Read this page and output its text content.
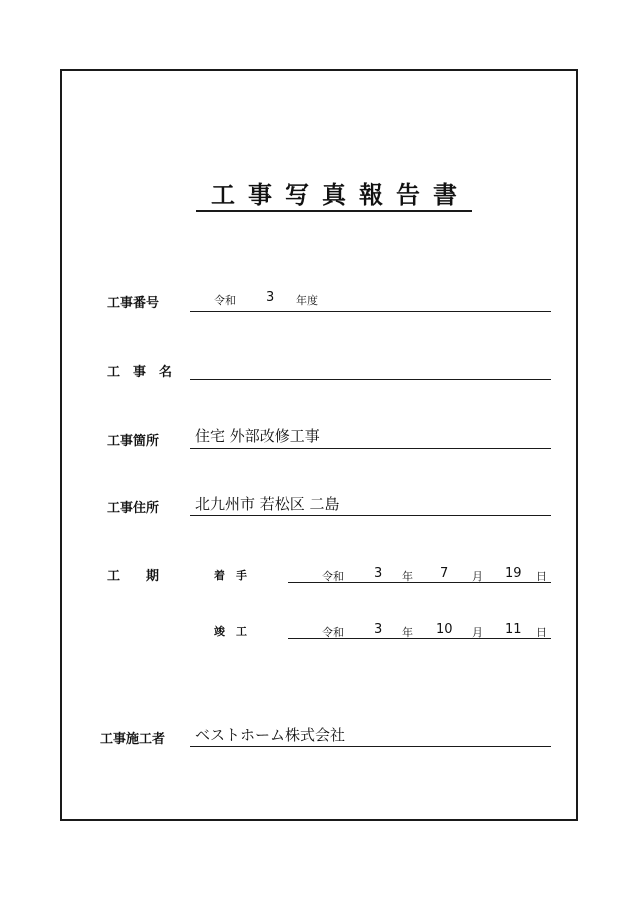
工事写真報告書
工事番号	令和 3 年度
工　事　名
工事箇所 住宅 外部改修工事
工事住所 北九州市 若松区 二島
工　　期	着　手	令和 3 年 7 月 19 日
竣　工	令和 3 年 10 月 11 日
工事施工者 ベストホーム株式会社
